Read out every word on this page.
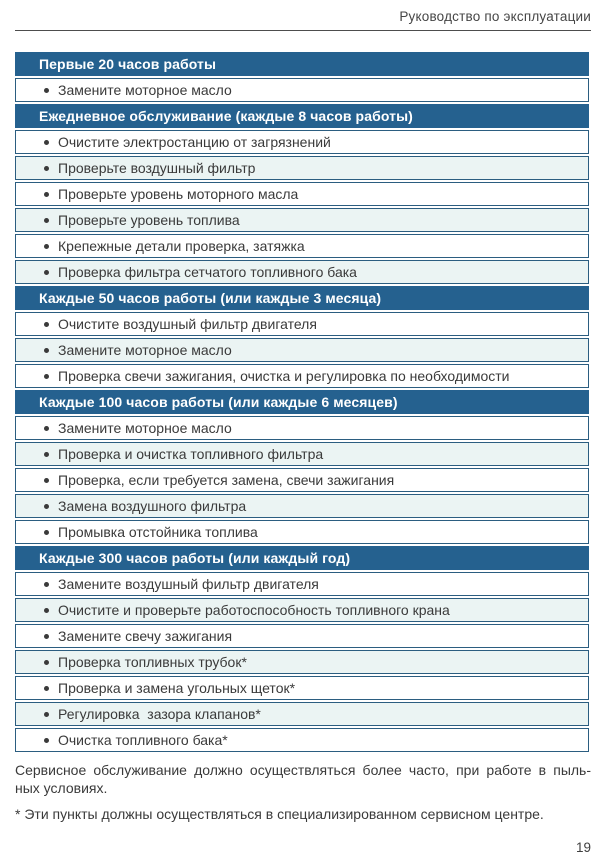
Руководство по эксплуатации
Первые 20 часов работы
Замените моторное масло
Ежедневное обслуживание (каждые 8 часов работы)
Очистите электростанцию от загрязнений
Проверьте воздушный фильтр
Проверьте уровень моторного масла
Проверьте уровень топлива
Крепежные детали проверка, затяжка
Проверка фильтра сетчатого топливного бака
Каждые 50 часов работы (или каждые 3 месяца)
Очистите воздушный фильтр двигателя
Замените моторное масло
Проверка свечи зажигания, очистка и регулировка по необходимости
Каждые 100 часов работы (или каждые 6 месяцев)
Замените моторное масло
Проверка и очистка топливного фильтра
Проверка, если требуется замена, свечи зажигания
Замена воздушного фильтра
Промывка отстойника топлива
Каждые 300 часов работы (или каждый год)
Замените воздушный фильтр двигателя
Очистите и проверьте работоспособность топливного крана
Замените свечу зажигания
Проверка топливных трубок*
Проверка и замена угольных щеток*
Регулировка  зазора клапанов*
Очистка топливного бака*
Сервисное обслуживание должно осуществляться более часто, при работе в пыль-
ных условиях.
* Эти пункты должны осуществляться в специализированном сервисном центре.
19
